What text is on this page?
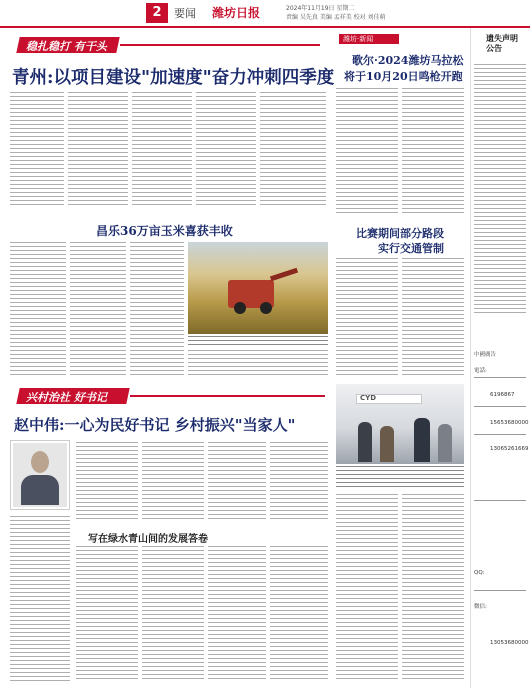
2	要闻 潍坊日报	2024年11月19日 星期二
责编 吴先真 美编 孟祥美 校对 刘佳萌
稳扎稳打 有干头
青州:以项目建设"加速度"奋力冲刺四季度
昌乐36万亩玉米喜获丰收
兴村治社 好书记
赵中伟:一心为民好书记 乡村振兴"当家人"
写在绿水青山间的发展答卷
潍坊·新闻
歌尔·2024潍坊马拉松
将于10月20日鸣枪开跑
比赛期间部分路段
实行交通管制
CYD
遗失声明公告
中國廣告
電話:
6196867
15653680000
13065261669
QQ:
微信:
13053680000
